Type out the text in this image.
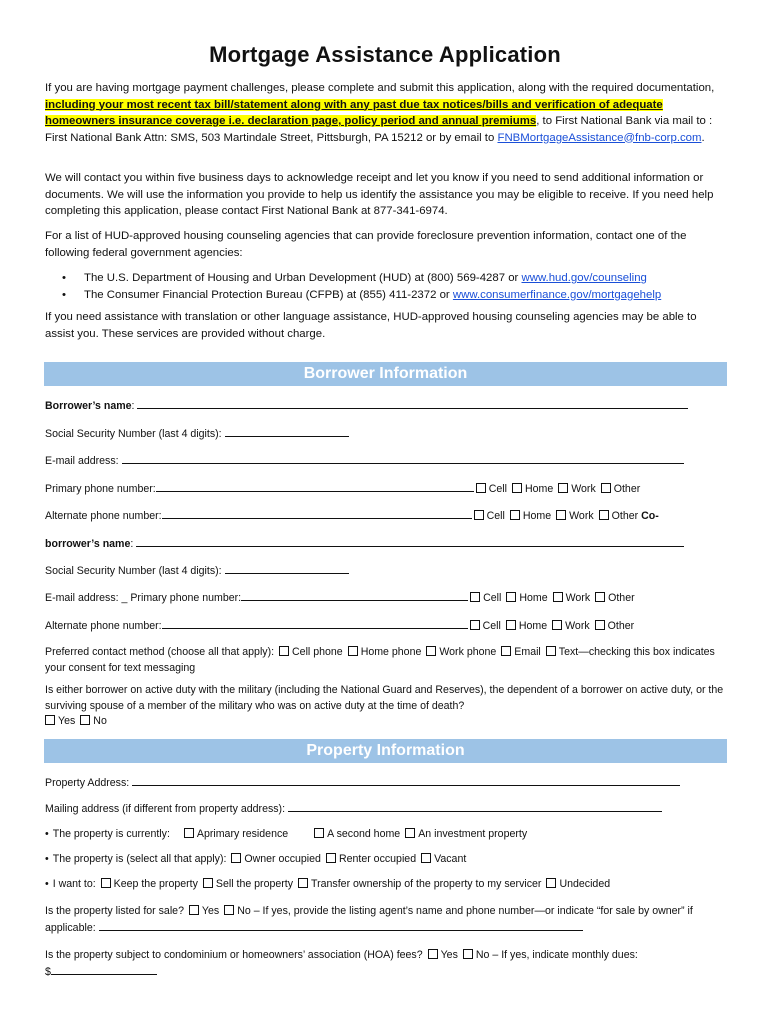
Mortgage Assistance Application

If you are having mortgage payment challenges, please complete and submit this application, along with the required documentation, including your most recent tax bill/statement along with any past due tax notices/bills and verification of adequate homeowners insurance coverage i.e. declaration page, policy period and annual premiums, to First National Bank via mail to : First National Bank Attn: SMS, 503 Martindale Street, Pittsburgh, PA 15212 or by email to FNBMortgageAssistance@fnb-corp.com.

We will contact you within five business days to acknowledge receipt and let you know if you need to send additional information or documents. We will use the information you provide to help us identify the assistance you may be eligible to receive. If you need help completing this application, please contact First National Bank at 877-341-6974.

For a list of HUD-approved housing counseling agencies that can provide foreclosure prevention information, contact one of the following federal government agencies:

• The U.S. Department of Housing and Urban Development (HUD) at (800) 569-4287 or www.hud.gov/counseling
• The Consumer Financial Protection Bureau (CFPB) at (855) 411-2372 or www.consumerfinance.gov/mortgagehelp

If you need assistance with translation or other language assistance, HUD-approved housing counseling agencies may be able to assist you. These services are provided without charge.

Borrower Information
Borrower’s name:
Social Security Number (last 4 digits):
E-mail address:
Primary phone number:	Cell Home Work Other
Alternate phone number:	Cell Home Work Other Co-
borrower’s name:
Social Security Number (last 4 digits):
E-mail address: _ Primary phone number:	Cell Home Work Other
Alternate phone number:	Cell Home Work Other
Preferred contact method (choose all that apply): Cell phone Home phone Work phone Email Text—checking this box indicates your consent for text messaging
Is either borrower on active duty with the military (including the National Guard and Reserves), the dependent of a borrower on active duty, or the surviving spouse of a member of the military who was on active duty at the time of death?
Yes No
Property Information
Property Address:
Mailing address (if different from property address):
• The property is currently:	Aprimary residence	A second home An investment property
• The property is (select all that apply): Owner occupied Renter occupied Vacant
• I want to: Keep the property Sell the property Transfer ownership of the property to my servicer Undecided
Is the property listed for sale? Yes No – If yes, provide the listing agent’s name and phone number—or indicate “for sale by owner” if applicable:
Is the property subject to condominium or homeowners’ association (HOA) fees? Yes No – If yes, indicate monthly dues:
$
